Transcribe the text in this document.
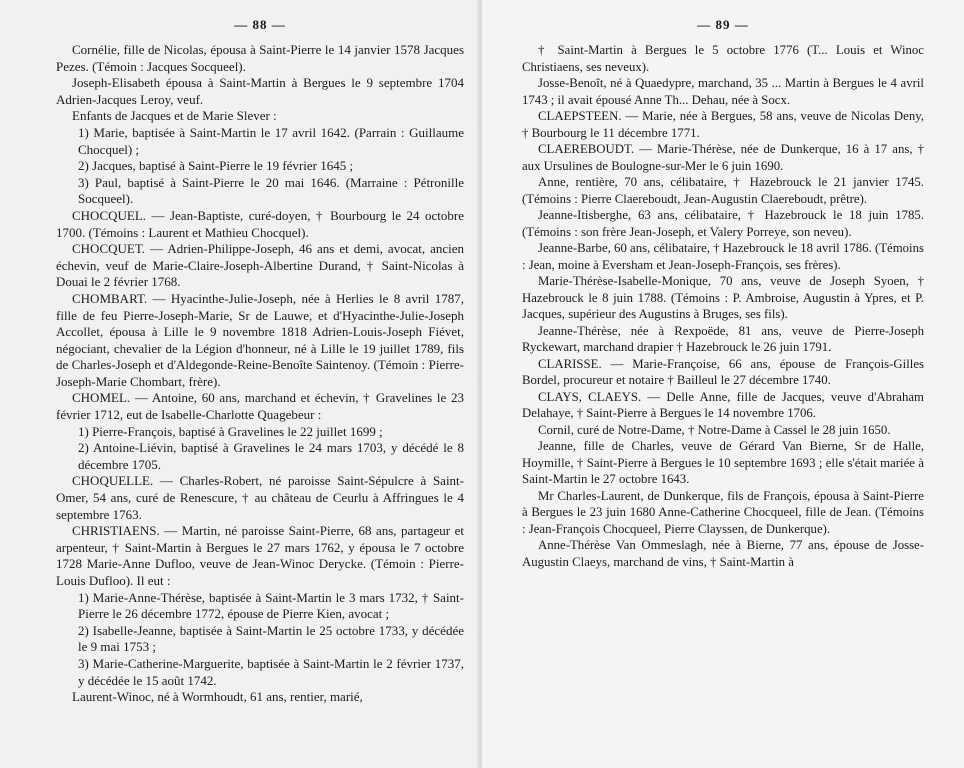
— 88 —

Cornélie, fille de Nicolas, épousa à Saint-Pierre le 14 janvier 1578 Jacques Pezes. (Témoin : Jacques Socqueel).

Joseph-Elisabeth épousa à Saint-Martin à Bergues le 9 septembre 1704 Adrien-Jacques Leroy, veuf.

Enfants de Jacques et de Marie Slever :

1) Marie, baptisée à Saint-Martin le 17 avril 1642. (Parrain : Guillaume Chocquel) ;

2) Jacques, baptisé à Saint-Pierre le 19 février 1645 ;

3) Paul, baptisé à Saint-Pierre le 20 mai 1646. (Marraine : Pétronille Socqueel).

CHOCQUEL. — Jean-Baptiste, curé-doyen, † Bourbourg le 24 octobre 1700. (Témoins : Laurent et Mathieu Chocquel).

CHOCQUET. — Adrien-Philippe-Joseph, 46 ans et demi, avocat, ancien échevin, veuf de Marie-Claire-Joseph-Albertine Durand, † Saint-Nicolas à Douai le 2 février 1768.

CHOMBART. — Hyacinthe-Julie-Joseph, née à Herlies le 8 avril 1787, fille de feu Pierre-Joseph-Marie, Sr de Lauwe, et d'Hyacinthe-Julie-Joseph Accollet, épousa à Lille le 9 novembre 1818 Adrien-Louis-Joseph Fiévet, négociant, chevalier de la Légion d'honneur, né à Lille le 19 juillet 1789, fils de Charles-Joseph et d'Aldegonde-Reine-Benoîte Saintenoy. (Témoin : Pierre-Joseph-Marie Chombart, frère).

CHOMEL. — Antoine, 60 ans, marchand et échevin, † Gravelines le 23 février 1712, eut de Isabelle-Charlotte Quagebeur :

1) Pierre-François, baptisé à Gravelines le 22 juillet 1699 ;

2) Antoine-Liévin, baptisé à Gravelines le 24 mars 1703, y décédé le 8 décembre 1705.

CHOQUELLE. — Charles-Robert, né paroisse Saint-Sépulcre à Saint-Omer, 54 ans, curé de Renescure, † au château de Ceurlu à Affringues le 4 septembre 1763.

CHRISTIAENS. — Martin, né paroisse Saint-Pierre, 68 ans, partageur et arpenteur, † Saint-Martin à Bergues le 27 mars 1762, y épousa le 7 octobre 1728 Marie-Anne Dufloo, veuve de Jean-Winoc Derycke. (Témoin : Pierre-Louis Dufloo). Il eut :

1) Marie-Anne-Thérèse, baptisée à Saint-Martin le 3 mars 1732, † Saint-Pierre le 26 décembre 1772, épouse de Pierre Kien, avocat ;

2) Isabelle-Jeanne, baptisée à Saint-Martin le 25 octobre 1733, y décédée le 9 mai 1753 ;

3) Marie-Catherine-Marguerite, baptisée à Saint-Martin le 2 février 1737, y décédée le 15 août 1742.

Laurent-Winoc, né à Wormhoudt, 61 ans, rentier, marié,

— 89 —

† Saint-Martin à Bergues le 5 octobre 1776 (T... Louis et Winoc Christiaens, ses neveux).

Josse-Benoît, né à Quaedypre, marchand, 35 ... Martin à Bergues le 4 avril 1743 ; il avait épousé Anne Th... Dehau, née à Socx.

CLAEPSTEEN. — Marie, née à Bergues, 58 ans, veuve de Nicolas Deny, † Bourbourg le 11 décembre 1771.

CLAEREBOUDT. — Marie-Thérèse, née de Dunkerque, 16 à 17 ans, † aux Ursulines de Boulogne-sur-Mer le 6 juin 1690.

Anne, rentière, 70 ans, célibataire, † Hazebrouck le 21 janvier 1745. (Témoins : Pierre Claereboudt, Jean-Augustin Claereboudt, prêtre).

Jeanne-Itisberghe, 63 ans, célibataire, † Hazebrouck le 18 juin 1785. (Témoins : son frère Jean-Joseph, et Valery Porreye, son neveu).

Jeanne-Barbe, 60 ans, célibataire, † Hazebrouck le 18 avril 1786. (Témoins : Jean, moine à Eversham et Jean-Joseph-François, ses frères).

Marie-Thérèse-Isabelle-Monique, 70 ans, veuve de Joseph Syoen, † Hazebrouck le 8 juin 1788. (Témoins : P. Ambroise, Augustin à Ypres, et P. Jacques, supérieur des Augustins à Bruges, ses fils).

Jeanne-Thérèse, née à Rexpoëde, 81 ans, veuve de Pierre-Joseph Ryckewart, marchand drapier † Hazebrouck le 26 juin 1791.

CLARISSE. — Marie-Françoise, 66 ans, épouse de François-Gilles Bordel, procureur et notaire † Bailleul le 27 décembre 1740.

CLAYS, CLAEYS. — Delle Anne, fille de Jacques, veuve d'Abraham Delahaye, † Saint-Pierre à Bergues le 14 novembre 1706.

Cornil, curé de Notre-Dame, † Notre-Dame à Cassel le 28 juin 1650.

Jeanne, fille de Charles, veuve de Gérard Van Bierne, Sr de Halle, Hoymille, † Saint-Pierre à Bergues le 10 septembre 1693 ; elle s'était mariée à Saint-Martin le 27 octobre 1643.

Mr Charles-Laurent, de Dunkerque, fils de François, épousa à Saint-Pierre à Bergues le 23 juin 1680 Anne-Catherine Chocqueel, fille de Jean. (Témoins : Jean-François Chocqueel, Pierre Clayssen, de Dunkerque).

Anne-Thérèse Van Ommeslagh, née à Bierne, 77 ans, épouse de Josse-Augustin Claeys, marchand de vins, † Saint-Martin à
